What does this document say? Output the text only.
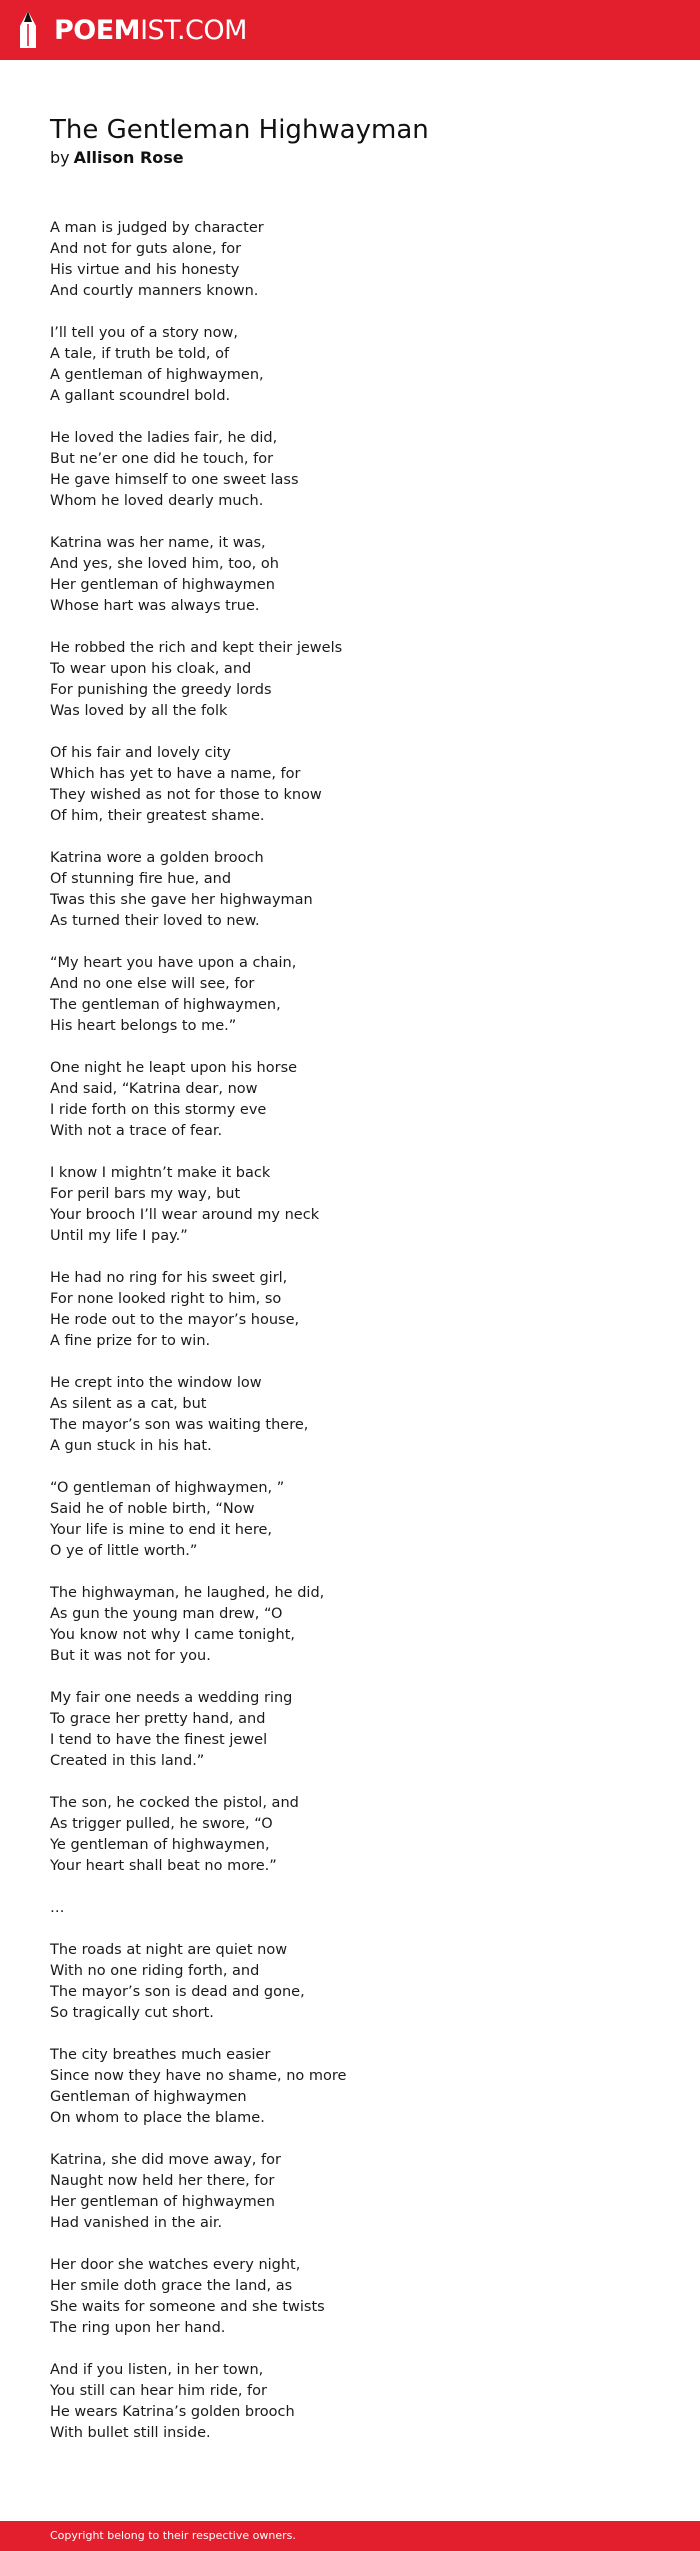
POEMIST.COM
The Gentleman Highwayman
by Allison Rose
A man is judged by character
And not for guts alone, for
His virtue and his honesty
And courtly manners known.
I’ll tell you of a story now,
A tale, if truth be told, of
A gentleman of highwaymen,
A gallant scoundrel bold.
He loved the ladies fair, he did,
But ne’er one did he touch, for
He gave himself to one sweet lass
Whom he loved dearly much.
Katrina was her name, it was,
And yes, she loved him, too, oh
Her gentleman of highwaymen
Whose hart was always true.
He robbed the rich and kept their jewels
To wear upon his cloak, and
For punishing the greedy lords
Was loved by all the folk
Of his fair and lovely city
Which has yet to have a name, for
They wished as not for those to know
Of him, their greatest shame.
Katrina wore a golden brooch
Of stunning fire hue, and
Twas this she gave her highwayman
As turned their loved to new.
“My heart you have upon a chain,
And no one else will see, for
The gentleman of highwaymen,
His heart belongs to me.”
One night he leapt upon his horse
And said, “Katrina dear, now
I ride forth on this stormy eve
With not a trace of fear.
I know I mightn’t make it back
For peril bars my way, but
Your brooch I’ll wear around my neck
Until my life I pay.”
He had no ring for his sweet girl,
For none looked right to him, so
He rode out to the mayor’s house,
A fine prize for to win.
He crept into the window low
As silent as a cat, but
The mayor’s son was waiting there,
A gun stuck in his hat.
“O gentleman of highwaymen, ”
Said he of noble birth, “Now
Your life is mine to end it here,
O ye of little worth.”
The highwayman, he laughed, he did,
As gun the young man drew, “O
You know not why I came tonight,
But it was not for you.
My fair one needs a wedding ring
To grace her pretty hand, and
I tend to have the finest jewel
Created in this land.”
The son, he cocked the pistol, and
As trigger pulled, he swore, “O
Ye gentleman of highwaymen,
Your heart shall beat no more.”
…
The roads at night are quiet now
With no one riding forth, and
The mayor’s son is dead and gone,
So tragically cut short.
The city breathes much easier
Since now they have no shame, no more
Gentleman of highwaymen
On whom to place the blame.
Katrina, she did move away, for
Naught now held her there, for
Her gentleman of highwaymen
Had vanished in the air.
Her door she watches every night,
Her smile doth grace the land, as
She waits for someone and she twists
The ring upon her hand.
And if you listen, in her town,
You still can hear him ride, for
He wears Katrina’s golden brooch
With bullet still inside.
Copyright belong to their respective owners.
